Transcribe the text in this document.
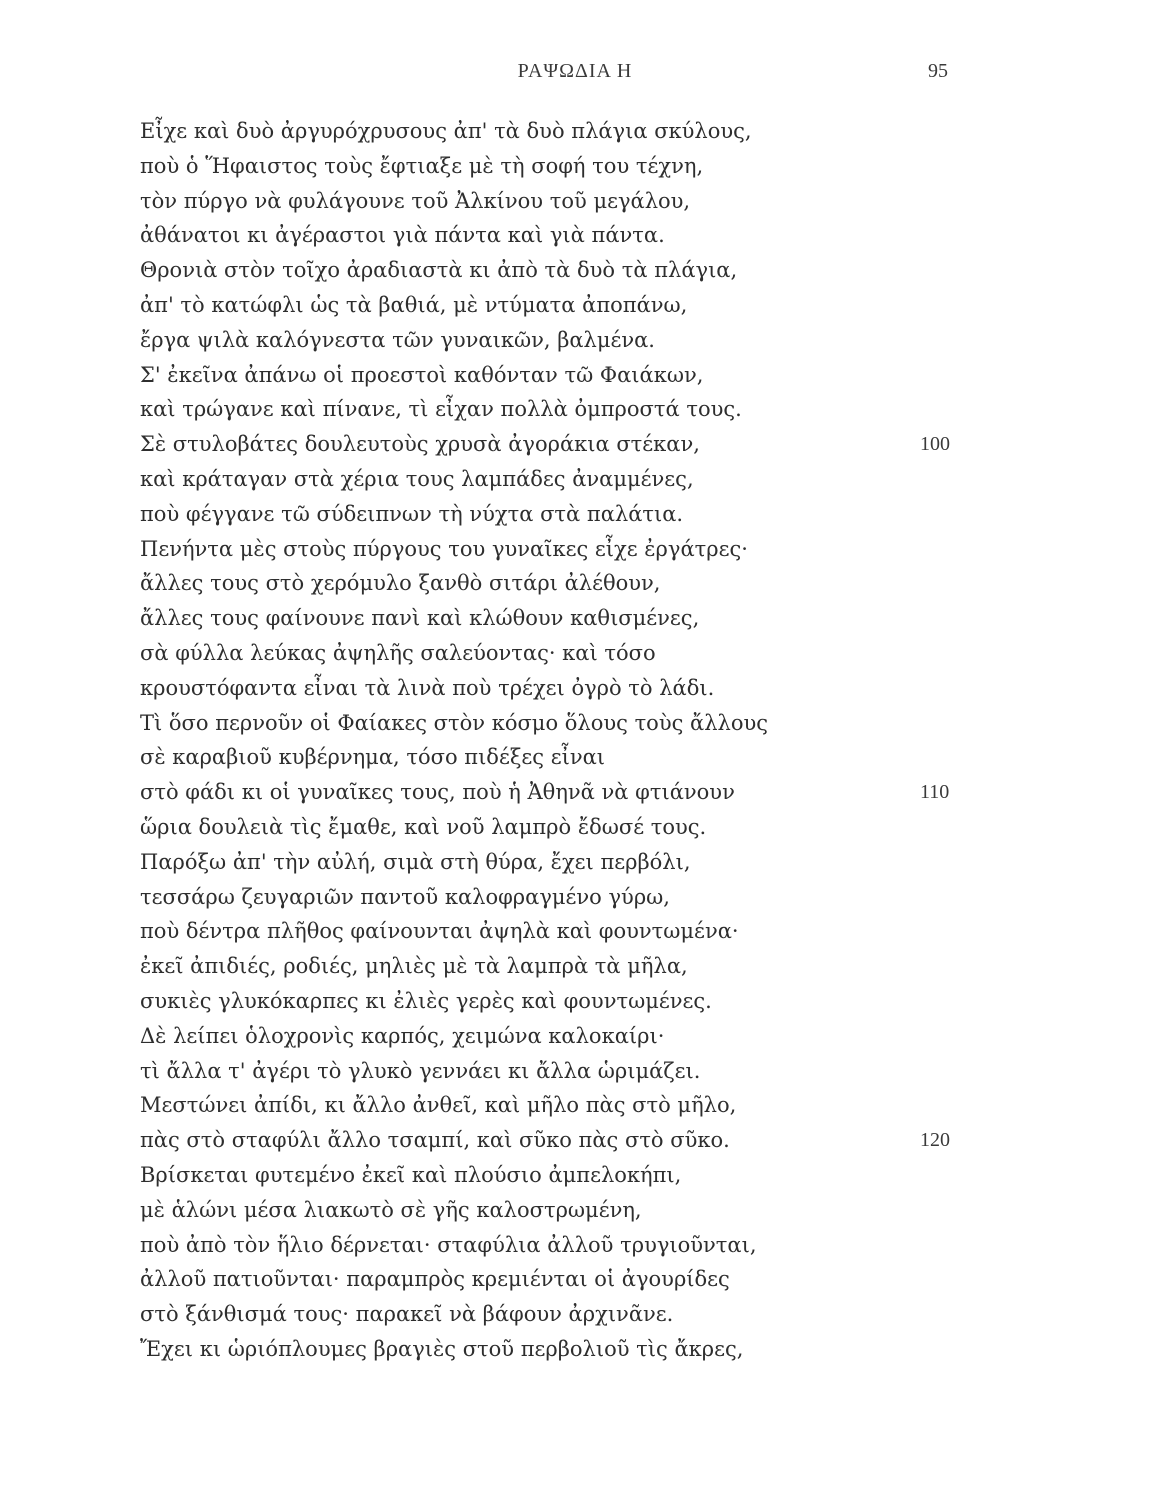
ΡΑΨΩΔΙΑ Η	95
Εἶχε καὶ δυὸ ἀργυρόχρυσους ἀπ' τὰ δυὸ πλάγια σκύλους,
ποὺ ὁ Ἥφαιστος τοὺς ἔφτιαξε μὲ τὴ σοφή του τέχνη,
τὸν πύργο νὰ φυλάγουνε τοῦ Ἀλκίνου τοῦ μεγάλου,
ἀθάνατοι κι ἀγέραστοι γιὰ πάντα καὶ γιὰ πάντα.
Θρονιὰ στὸν τοῖχο ἀραδιαστὰ κι ἀπὸ τὰ δυὸ τὰ πλάγια,
ἀπ' τὸ κατώφλι ὡς τὰ βαθιά, μὲ ντύματα ἀποπάνω,
ἔργα ψιλὰ καλόγνεστα τῶν γυναικῶν, βαλμένα.
Σ' ἐκεῖνα ἀπάνω οἱ προεστοὶ καθόνταν τῶ Φαιάκων,
καὶ τρώγανε καὶ πίνανε, τὶ εἶχαν πολλὰ ὀμπροστά τους.
Σὲ στυλοβάτες δουλευτοὺς χρυσὰ ἀγοράκια στέκαν,
καὶ κράταγαν στὰ χέρια τους λαμπάδες ἀναμμένες,
ποὺ φέγγανε τῶ σύδειπνων τὴ νύχτα στὰ παλάτια.
Πενήντα μὲς στοὺς πύργους του γυναῖκες εἶχε ἐργάτρες·
ἄλλες τους στὸ χερόμυλο ξανθὸ σιτάρι ἀλέθουν,
ἄλλες τους φαίνουνε πανὶ καὶ κλώθουν καθισμένες,
σὰ φύλλα λεύκας ἀψηλῆς σαλεύοντας· καὶ τόσο
κρουστόφαντα εἶναι τὰ λινὰ ποὺ τρέχει ὀγρὸ τὸ λάδι.
Τὶ ὅσο περνοῦν οἱ Φαίακες στὸν κόσμο ὅλους τοὺς ἄλλους
σὲ καραβιοῦ κυβέρνημα, τόσο πιδέξες εἶναι
στὸ φάδι κι οἱ γυναῖκες τους, ποὺ ἡ Ἀθηνᾶ νὰ φτιάνουν
ὥρια δουλειὰ τὶς ἔμαθε, καὶ νοῦ λαμπρὸ ἔδωσέ τους.
Παρόξω ἀπ' τὴν αὐλή, σιμὰ στὴ θύρα, ἔχει περβόλι,
τεσσάρω ζευγαριῶν παντοῦ καλοφραγμένο γύρω,
ποὺ δέντρα πλῆθος φαίνουνται ἀψηλὰ καὶ φουντωμένα·
ἐκεῖ ἀπιδιές, ροδιές, μηλιὲς μὲ τὰ λαμπρὰ τὰ μῆλα,
συκιὲς γλυκόκαρπες κι ἐλιὲς γερὲς καὶ φουντωμένες.
Δὲ λείπει ὁλοχρονὶς καρπός, χειμώνα καλοκαίρι·
τὶ ἄλλα τ' ἀγέρι τὸ γλυκὸ γεννάει κι ἄλλα ὡριμάζει.
Μεστώνει ἀπίδι, κι ἄλλο ἀνθεῖ, καὶ μῆλο πὰς στὸ μῆλο,
πὰς στὸ σταφύλι ἄλλο τσαμπί, καὶ σῦκο πὰς στὸ σῦκο.
Βρίσκεται φυτεμένο ἐκεῖ καὶ πλούσιο ἀμπελοκήπι,
μὲ ἁλώνι μέσα λιακωτὸ σὲ γῆς καλοστρωμένη,
ποὺ ἀπὸ τὸν ἥλιο δέρνεται· σταφύλια ἀλλοῦ τρυγιοῦνται,
ἀλλοῦ πατιοῦνται· παραμπρὸς κρεμιένται οἱ ἀγουρίδες
στὸ ξάνθισμά τους· παρακεῖ νὰ βάφουν ἀρχινᾶνε.
Ἔχει κι ὡριόπλουμες βραγιὲς στοῦ περβολιοῦ τὶς ἄκρες,
100
110
120
